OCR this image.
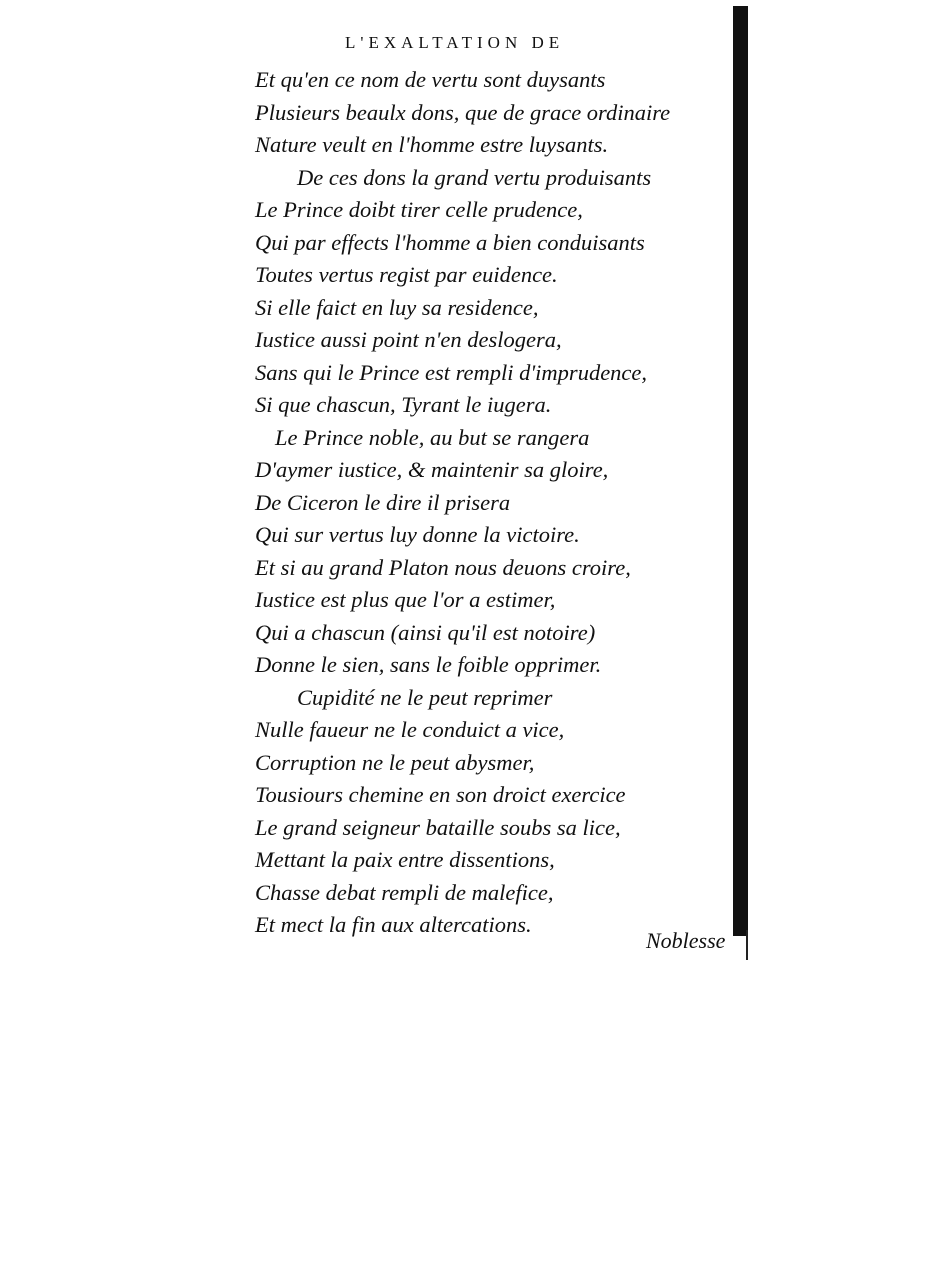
L'EXALTATION DE
Et qu'en ce nom de vertu sont duysants
Plusieurs beaulx dons, que de grace ordinaire
Nature veult en l'homme estre luysants.
De ces dons la grand vertu produisants
Le Prince doibt tirer celle prudence,
Qui par effects l'homme a bien conduisants
Toutes vertus regist par euidence.
Si elle faict en luy sa residence,
Iustice aussi point n'en deslogera,
Sans qui le Prince est rempli d'imprudence,
Si que chascun, Tyrant le iugera.
Le Prince noble, au but se rangera
D'aymer iustice, & maintenir sa gloire,
De Ciceron le dire il prisera
Qui sur vertus luy donne la victoire.
Et si au grand Platon nous deuons croire,
Iustice est plus que l'or a estimer,
Qui a chascun (ainsi qu'il est notoire)
Donne le sien, sans le foible opprimer.
Cupidité ne le peut reprimer
Nulle faueur ne le conduict a vice,
Corruption ne le peut abysmer,
Tousiours chemine en son droict exercice
Le grand seigneur bataille soubs sa lice,
Mettant la paix entre dissentions,
Chasse debat rempli de malefice,
Et mect la fin aux altercations.
Noblesse
